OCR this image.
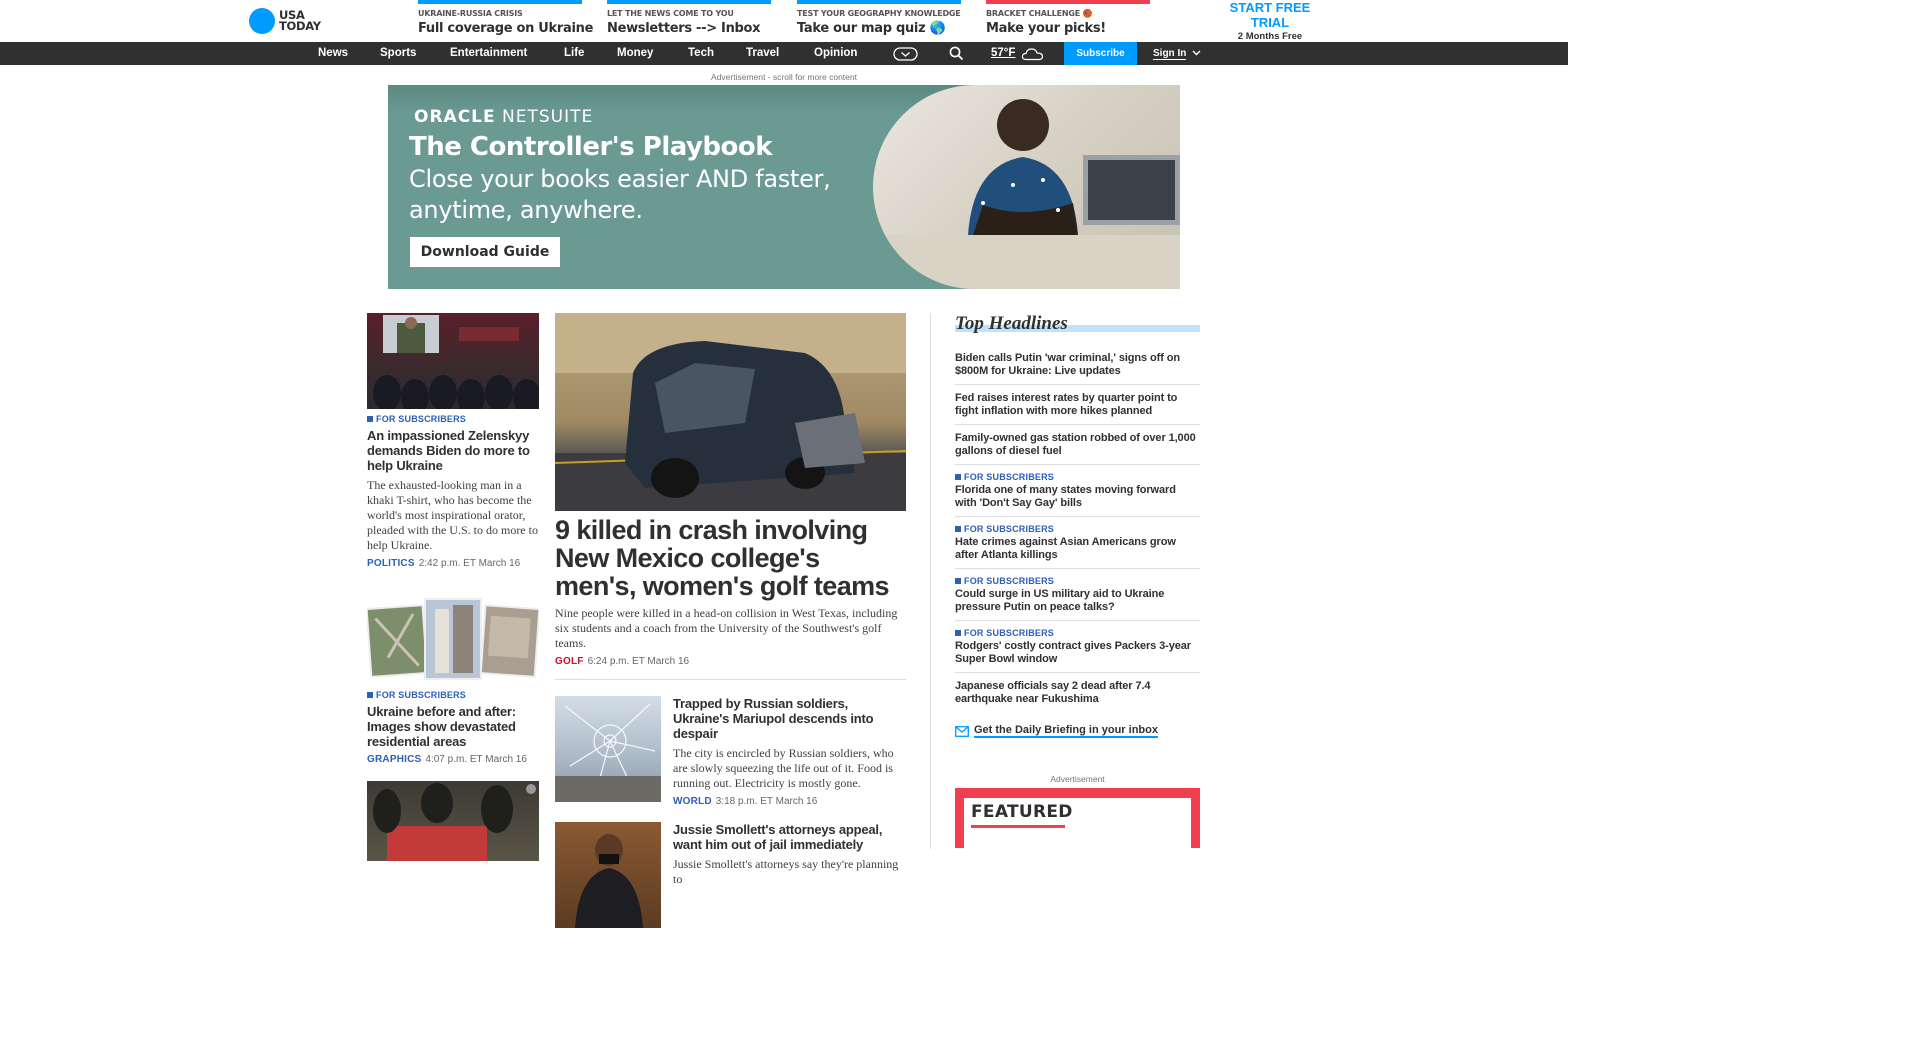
USA
TODAY
UKRAINE-RUSSIA CRISIS
Full coverage on Ukraine
LET THE NEWS COME TO YOU
Newsletters --> Inbox
TEST YOUR GEOGRAPHY KNOWLEDGE
Take our map quiz 🌎
BRACKET CHALLENGE 🏀
Make your picks!
START FREE
TRIAL
2 Months Free
News	Sports	Entertainment	Life	Money	Tech	Travel	Opinion	57°F	Subscribe	Sign In
Advertisement - scroll for more content
ORACLE NETSUITE
The Controller's Playbook
Close your books easier AND faster, anytime, anywhere.
Download Guide
FOR SUBSCRIBERS
An impassioned Zelenskyy demands Biden do more to help Ukraine
The exhausted-looking man in a khaki T-shirt, who has become the world's most inspirational orator, pleaded with the U.S. to do more to help Ukraine.
POLITICS 2:42 p.m. ET March 16
FOR SUBSCRIBERS
Ukraine before and after: Images show devastated residential areas
GRAPHICS 4:07 p.m. ET March 16
9 killed in crash involving New Mexico college's men's, women's golf teams
Nine people were killed in a head-on collision in West Texas, including six students and a coach from the University of the Southwest's golf teams.
GOLF 6:24 p.m. ET March 16
Trapped by Russian soldiers, Ukraine's Mariupol descends into despair
The city is encircled by Russian soldiers, who are slowly squeezing the life out of it. Food is running out. Electricity is mostly gone.
WORLD 3:18 p.m. ET March 16
Jussie Smollett's attorneys appeal, want him out of jail immediately
Jussie Smollett's attorneys say they're planning to
Top Headlines
Biden calls Putin 'war criminal,' signs off on $800M for Ukraine: Live updates
Fed raises interest rates by quarter point to fight inflation with more hikes planned
Family-owned gas station robbed of over 1,000 gallons of diesel fuel
FOR SUBSCRIBERS
Florida one of many states moving forward with 'Don't Say Gay' bills
FOR SUBSCRIBERS
Hate crimes against Asian Americans grow after Atlanta killings
FOR SUBSCRIBERS
Could surge in US military aid to Ukraine pressure Putin on peace talks?
FOR SUBSCRIBERS
Rodgers' costly contract gives Packers 3-year Super Bowl window
Japanese officials say 2 dead after 7.4 earthquake near Fukushima
Get the Daily Briefing in your inbox
Advertisement
FEATURED
